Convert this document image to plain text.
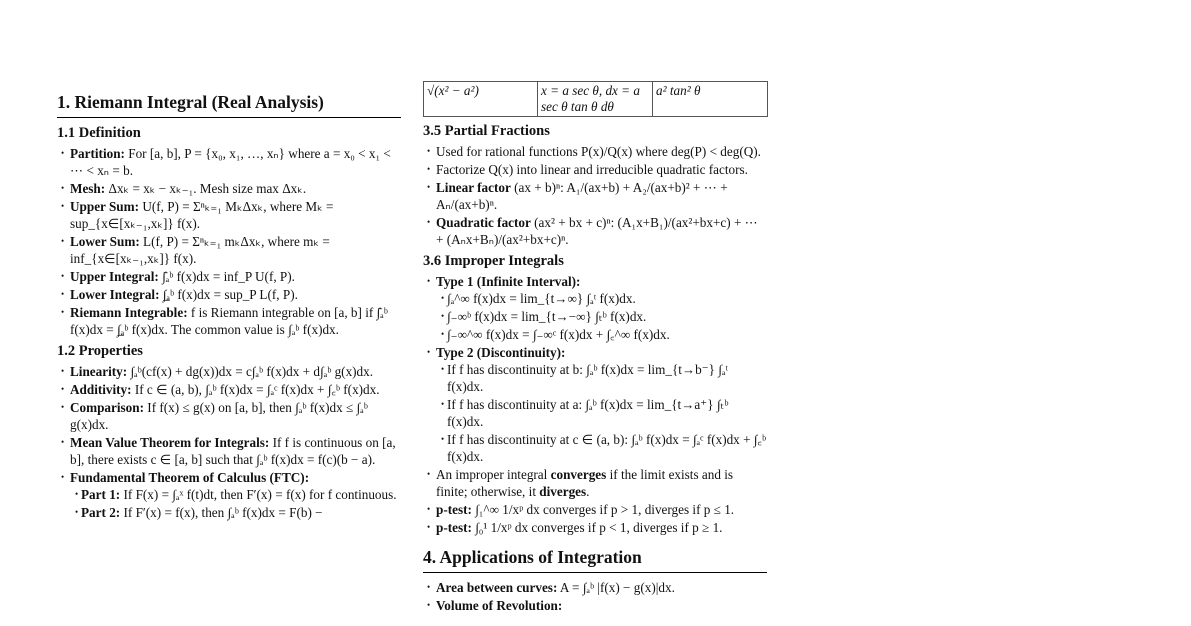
1. Riemann Integral (Real Analysis)
1.1 Definition
• Partition: For [a, b], P = {x₀, x₁, …, xₙ} where a = x₀ < x₁ < ⋯ < xₙ = b.
• Mesh: Δxₖ = xₖ − xₖ₋₁. Mesh size max Δxₖ.
• Upper Sum: U(f, P) = Σⁿₖ₌₁ MₖΔxₖ, where Mₖ = sup_{x∈[xₖ₋₁,xₖ]} f(x).
• Lower Sum: L(f, P) = Σⁿₖ₌₁ mₖΔxₖ, where mₖ = inf_{x∈[xₖ₋₁,xₖ]} f(x).
• Upper Integral: ∫̄ₐᵇ f(x)dx = inf_P U(f, P).
• Lower Integral: ∫̲ₐᵇ f(x)dx = sup_P L(f, P).
• Riemann Integrable: f is Riemann integrable on [a, b] if ∫̄ₐᵇ f(x)dx = ∫̲ₐᵇ f(x)dx. The common value is ∫ₐᵇ f(x)dx.
1.2 Properties
• Linearity: ∫ₐᵇ(cf(x) + dg(x))dx = c∫ₐᵇ f(x)dx + d∫ₐᵇ g(x)dx.
• Additivity: If c ∈ (a, b), ∫ₐᵇ f(x)dx = ∫ₐᶜ f(x)dx + ∫꜀ᵇ f(x)dx.
• Comparison: If f(x) ≤ g(x) on [a, b], then ∫ₐᵇ f(x)dx ≤ ∫ₐᵇ g(x)dx.
• Mean Value Theorem for Integrals: If f is continuous on [a, b], there exists c ∈ [a, b] such that ∫ₐᵇ f(x)dx = f(c)(b − a).
• Fundamental Theorem of Calculus (FTC):
• Part 1: If F(x) = ∫ₐˣ f(t)dt, then F′(x) = f(x) for f continuous.
• Part 2: If F′(x) = f(x), then ∫ₐᵇ f(x)dx = F(b) −
√(x² − a²)	x = a sec θ, dx = a sec θ tan θ dθ	a² tan² θ
3.5 Partial Fractions
• Used for rational functions P(x)/Q(x) where deg(P) < deg(Q).
• Factorize Q(x) into linear and irreducible quadratic factors.
• Linear factor (ax + b)ⁿ: A₁/(ax+b) + A₂/(ax+b)² + ⋯ + Aₙ/(ax+b)ⁿ.
• Quadratic factor (ax² + bx + c)ⁿ: (A₁x+B₁)/(ax²+bx+c) + ⋯ + (Aₙx+Bₙ)/(ax²+bx+c)ⁿ.
3.6 Improper Integrals
• Type 1 (Infinite Interval):
• ∫ₐ^∞ f(x)dx = lim_{t→∞} ∫ₐᵗ f(x)dx.
• ∫₋∞ᵇ f(x)dx = lim_{t→−∞} ∫ₜᵇ f(x)dx.
• ∫₋∞^∞ f(x)dx = ∫₋∞ᶜ f(x)dx + ∫꜀^∞ f(x)dx.
• Type 2 (Discontinuity):
• If f has discontinuity at b: ∫ₐᵇ f(x)dx = lim_{t→b⁻} ∫ₐᵗ f(x)dx.
• If f has discontinuity at a: ∫ₐᵇ f(x)dx = lim_{t→a⁺} ∫ₜᵇ f(x)dx.
• If f has discontinuity at c ∈ (a, b): ∫ₐᵇ f(x)dx = ∫ₐᶜ f(x)dx + ∫꜀ᵇ f(x)dx.
• An improper integral converges if the limit exists and is finite; otherwise, it diverges.
• p-test: ∫₁^∞ 1/xᵖ dx converges if p > 1, diverges if p ≤ 1.
• p-test: ∫₀¹ 1/xᵖ dx converges if p < 1, diverges if p ≥ 1.
4. Applications of Integration
• Area between curves: A = ∫ₐᵇ |f(x) − g(x)|dx.
• Volume of Revolution:
